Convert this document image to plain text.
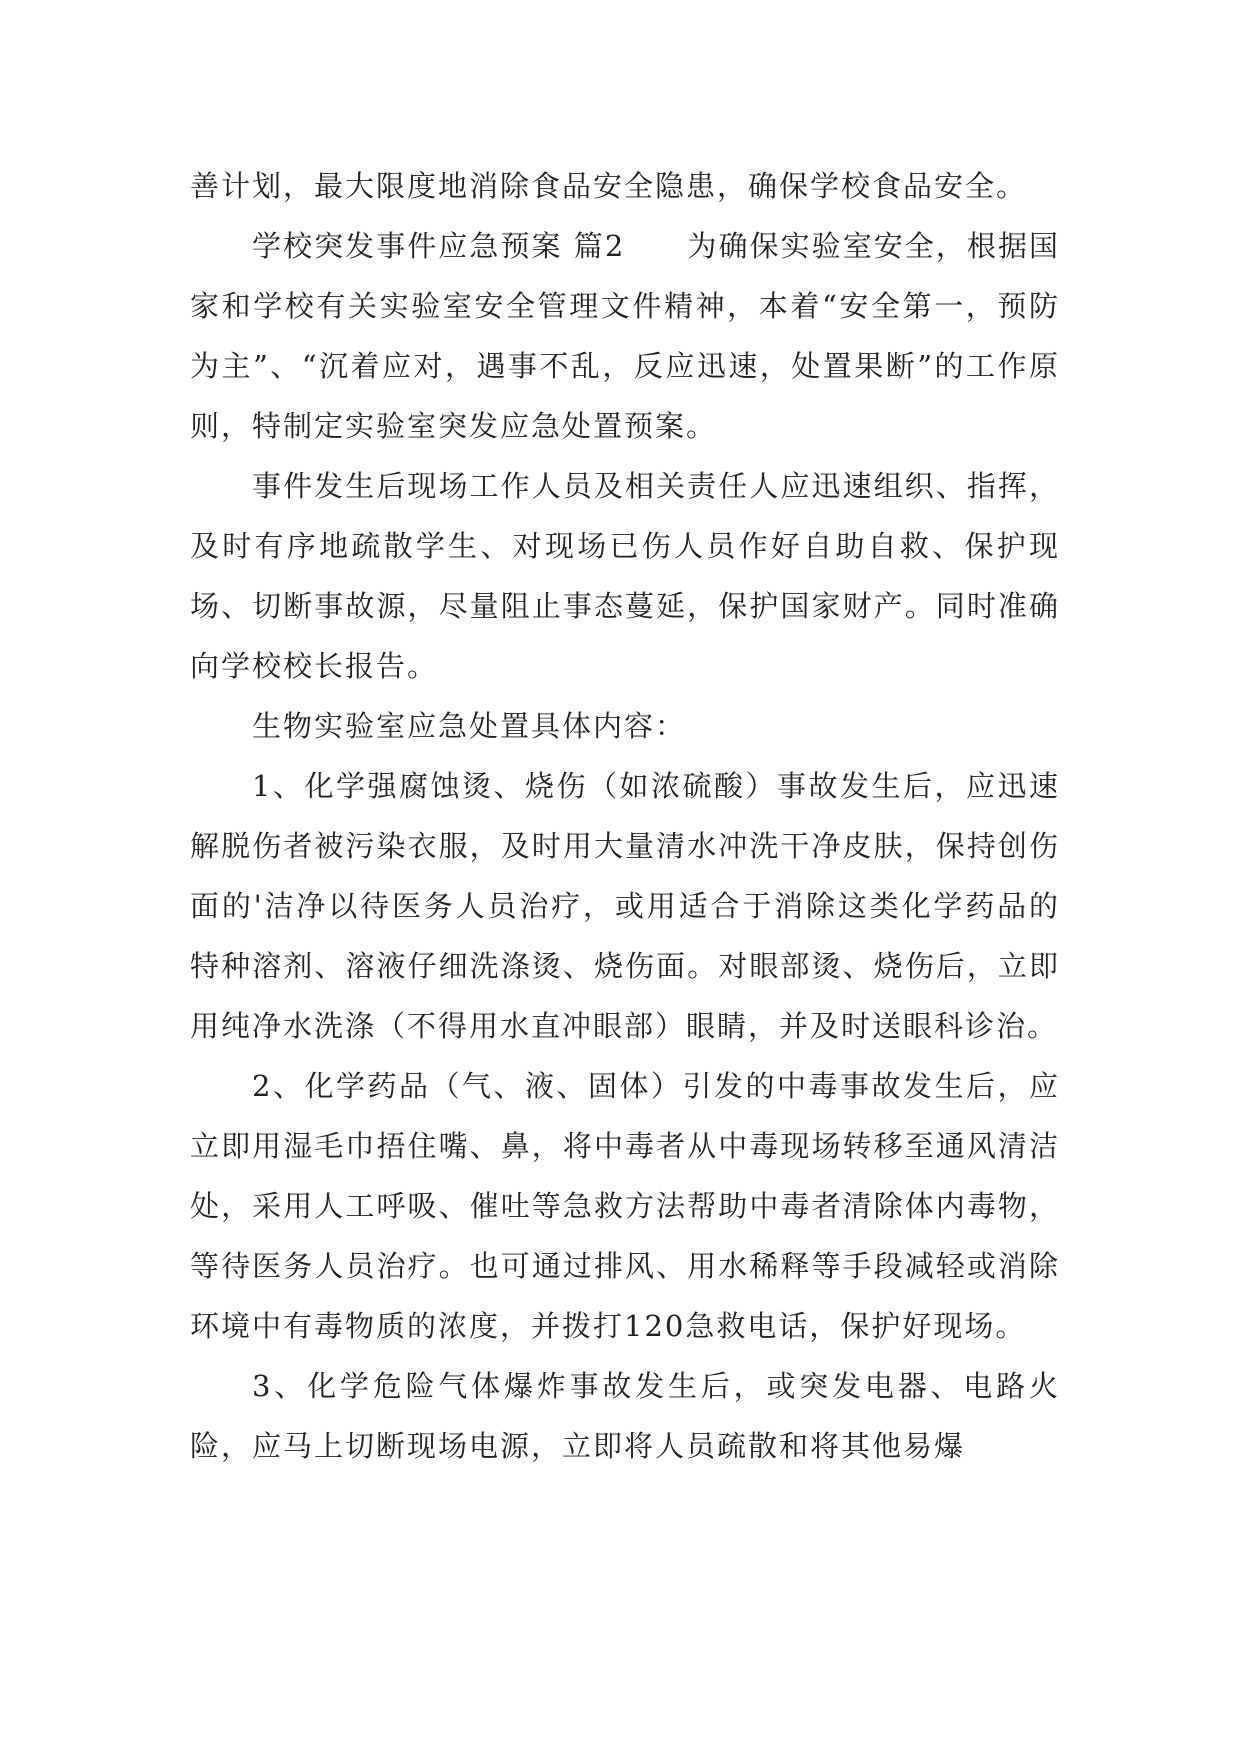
善计划，最大限度地消除食品安全隐患，确保学校食品安全。

学校突发事件应急预案 篇2　　为确保实验室安全，根据国家和学校有关实验室安全管理文件精神，本着“安全第一，预防为主”、“沉着应对，遇事不乱，反应迅速，处置果断”的工作原则，特制定实验室突发应急处置预案。

事件发生后现场工作人员及相关责任人应迅速组织、指挥，及时有序地疏散学生、对现场已伤人员作好自助自救、保护现场、切断事故源，尽量阻止事态蔓延，保护国家财产。同时准确向学校校长报告。

生物实验室应急处置具体内容：

1、化学强腐蚀烫、烧伤（如浓硫酸）事故发生后，应迅速解脱伤者被污染衣服，及时用大量清水冲洗干净皮肤，保持创伤面的'洁净以待医务人员治疗，或用适合于消除这类化学药品的特种溶剂、溶液仔细洗涤烫、烧伤面。对眼部烫、烧伤后，立即用纯净水洗涤（不得用水直冲眼部）眼睛，并及时送眼科诊治。

2、化学药品（气、液、固体）引发的中毒事故发生后，应立即用湿毛巾捂住嘴、鼻，将中毒者从中毒现场转移至通风清洁处，采用人工呼吸、催吐等急救方法帮助中毒者清除体内毒物，等待医务人员治疗。也可通过排风、用水稀释等手段减轻或消除环境中有毒物质的浓度，并拨打120急救电话，保护好现场。

3、化学危险气体爆炸事故发生后，或突发电器、电路火险，应马上切断现场电源，立即将人员疏散和将其他易爆
